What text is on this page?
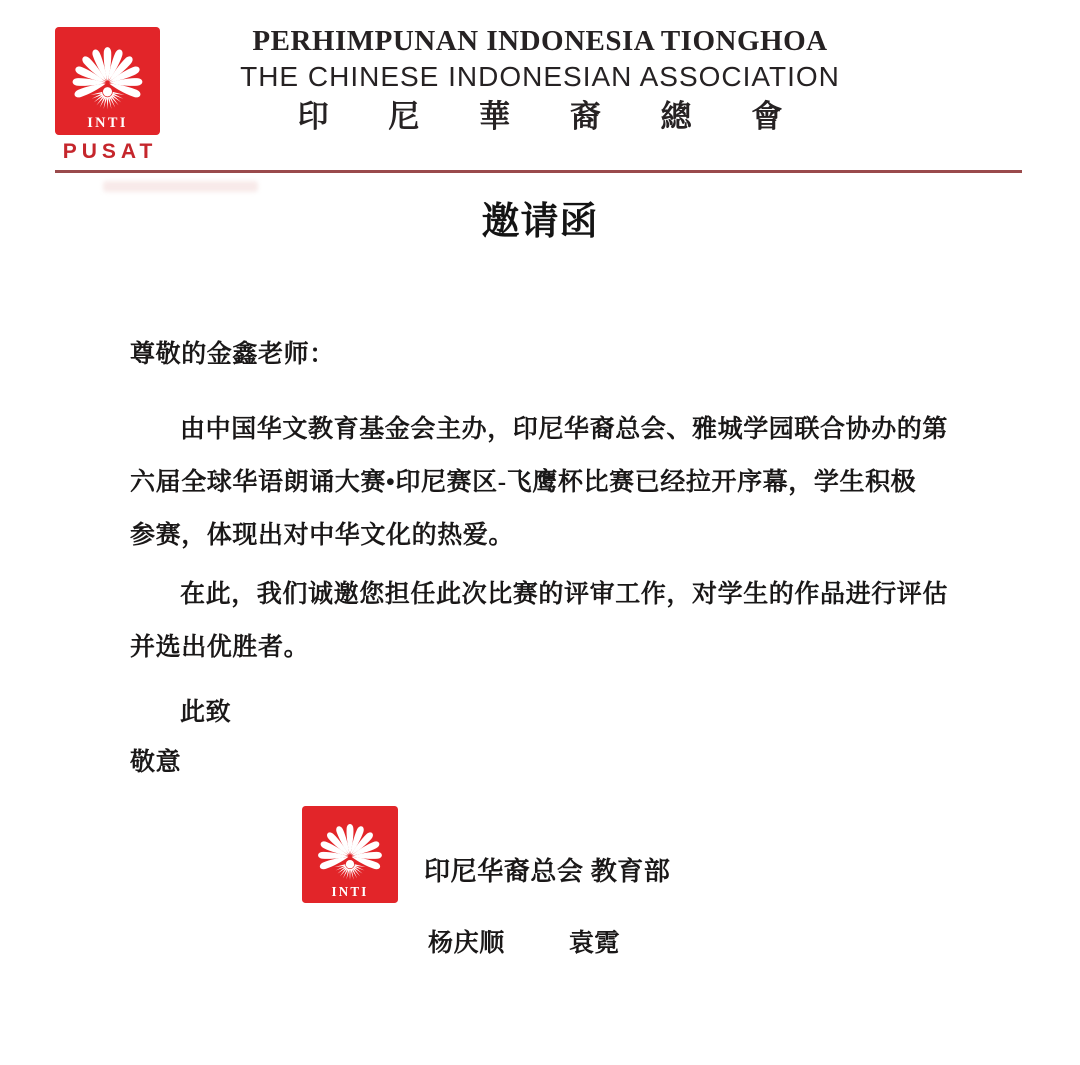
INTI
PUSAT
PERHIMPUNAN INDONESIA TIONGHOA
THE CHINESE INDONESIAN ASSOCIATION
印 尼 華 裔 總 會
邀请函

尊敬的金鑫老师：

由中国华文教育基金会主办，印尼华裔总会、雅城学园联合协办的第
六届全球华语朗诵大赛•印尼赛区-飞鹰杯比赛已经拉开序幕，学生积极
参赛，体现出对中华文化的热爱。
在此，我们诚邀您担任此次比赛的评审工作，对学生的作品进行评估
并选出优胜者。

此致

敬意

INTI
印尼华裔总会 教育部
杨庆顺	袁霓
